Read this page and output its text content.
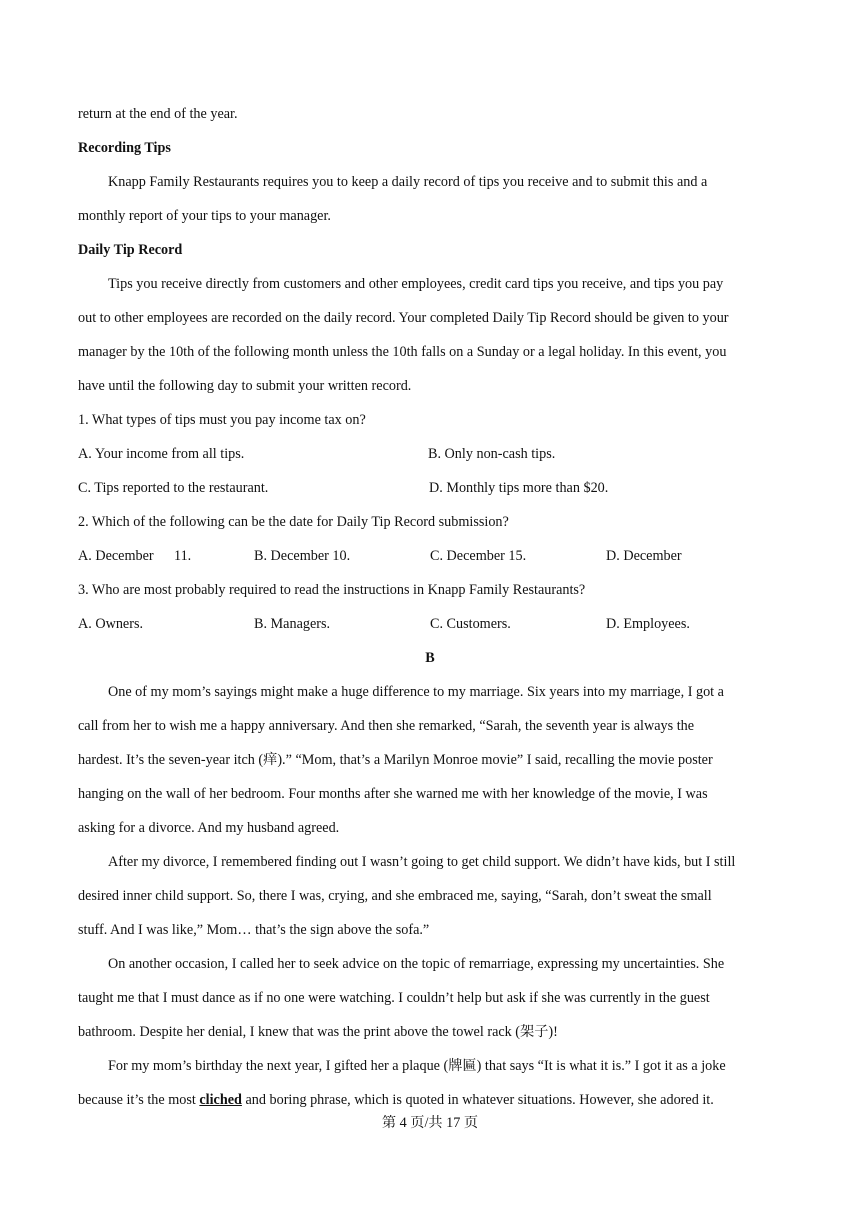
return at the end of the year.
Recording Tips
Knapp Family Restaurants requires you to keep a daily record of tips you receive and to submit this and a
monthly report of your tips to your manager.
Daily Tip Record
Tips you receive directly from customers and other employees, credit card tips you receive, and tips you pay
out to other employees are recorded on the daily record. Your completed Daily Tip Record should be given to your
manager by the 10th of the following month unless the 10th falls on a Sunday or a legal holiday. In this event, you
have until the following day to submit your written record.
1. What types of tips must you pay income tax on?
A. Your income from all tips.	B. Only non-cash tips.
C. Tips reported to the restaurant.	D. Monthly tips more than $20.
2. Which of the following can be the date for Daily Tip Record submission?
A. December 11.	B. December 10.	C. December 15.	D. December
3. Who are most probably required to read the instructions in Knapp Family Restaurants?
A. Owners.	B. Managers.	C. Customers.	D. Employees.
B
One of my mom’s sayings might make a huge difference to my marriage. Six years into my marriage, I got a
call from her to wish me a happy anniversary. And then she remarked, “Sarah, the seventh year is always the
hardest. It’s the seven-year itch (痒).” “Mom, that’s a Marilyn Monroe movie” I said, recalling the movie poster
hanging on the wall of her bedroom. Four months after she warned me with her knowledge of the movie, I was
asking for a divorce. And my husband agreed.
After my divorce, I remembered finding out I wasn’t going to get child support. We didn’t have kids, but I still
desired inner child support. So, there I was, crying, and she embraced me, saying, “Sarah, don’t sweat the small
stuff. And I was like,” Mom… that’s the sign above the sofa.”
On another occasion, I called her to seek advice on the topic of remarriage, expressing my uncertainties. She
taught me that I must dance as if no one were watching. I couldn’t help but ask if she was currently in the guest
bathroom. Despite her denial, I knew that was the print above the towel rack (架子)!
For my mom’s birthday the next year, I gifted her a plaque (牌匾) that says “It is what it is.” I got it as a joke
because it’s the most cliched and boring phrase, which is quoted in whatever situations. However, she adored it.
第 4 页/共 17 页
